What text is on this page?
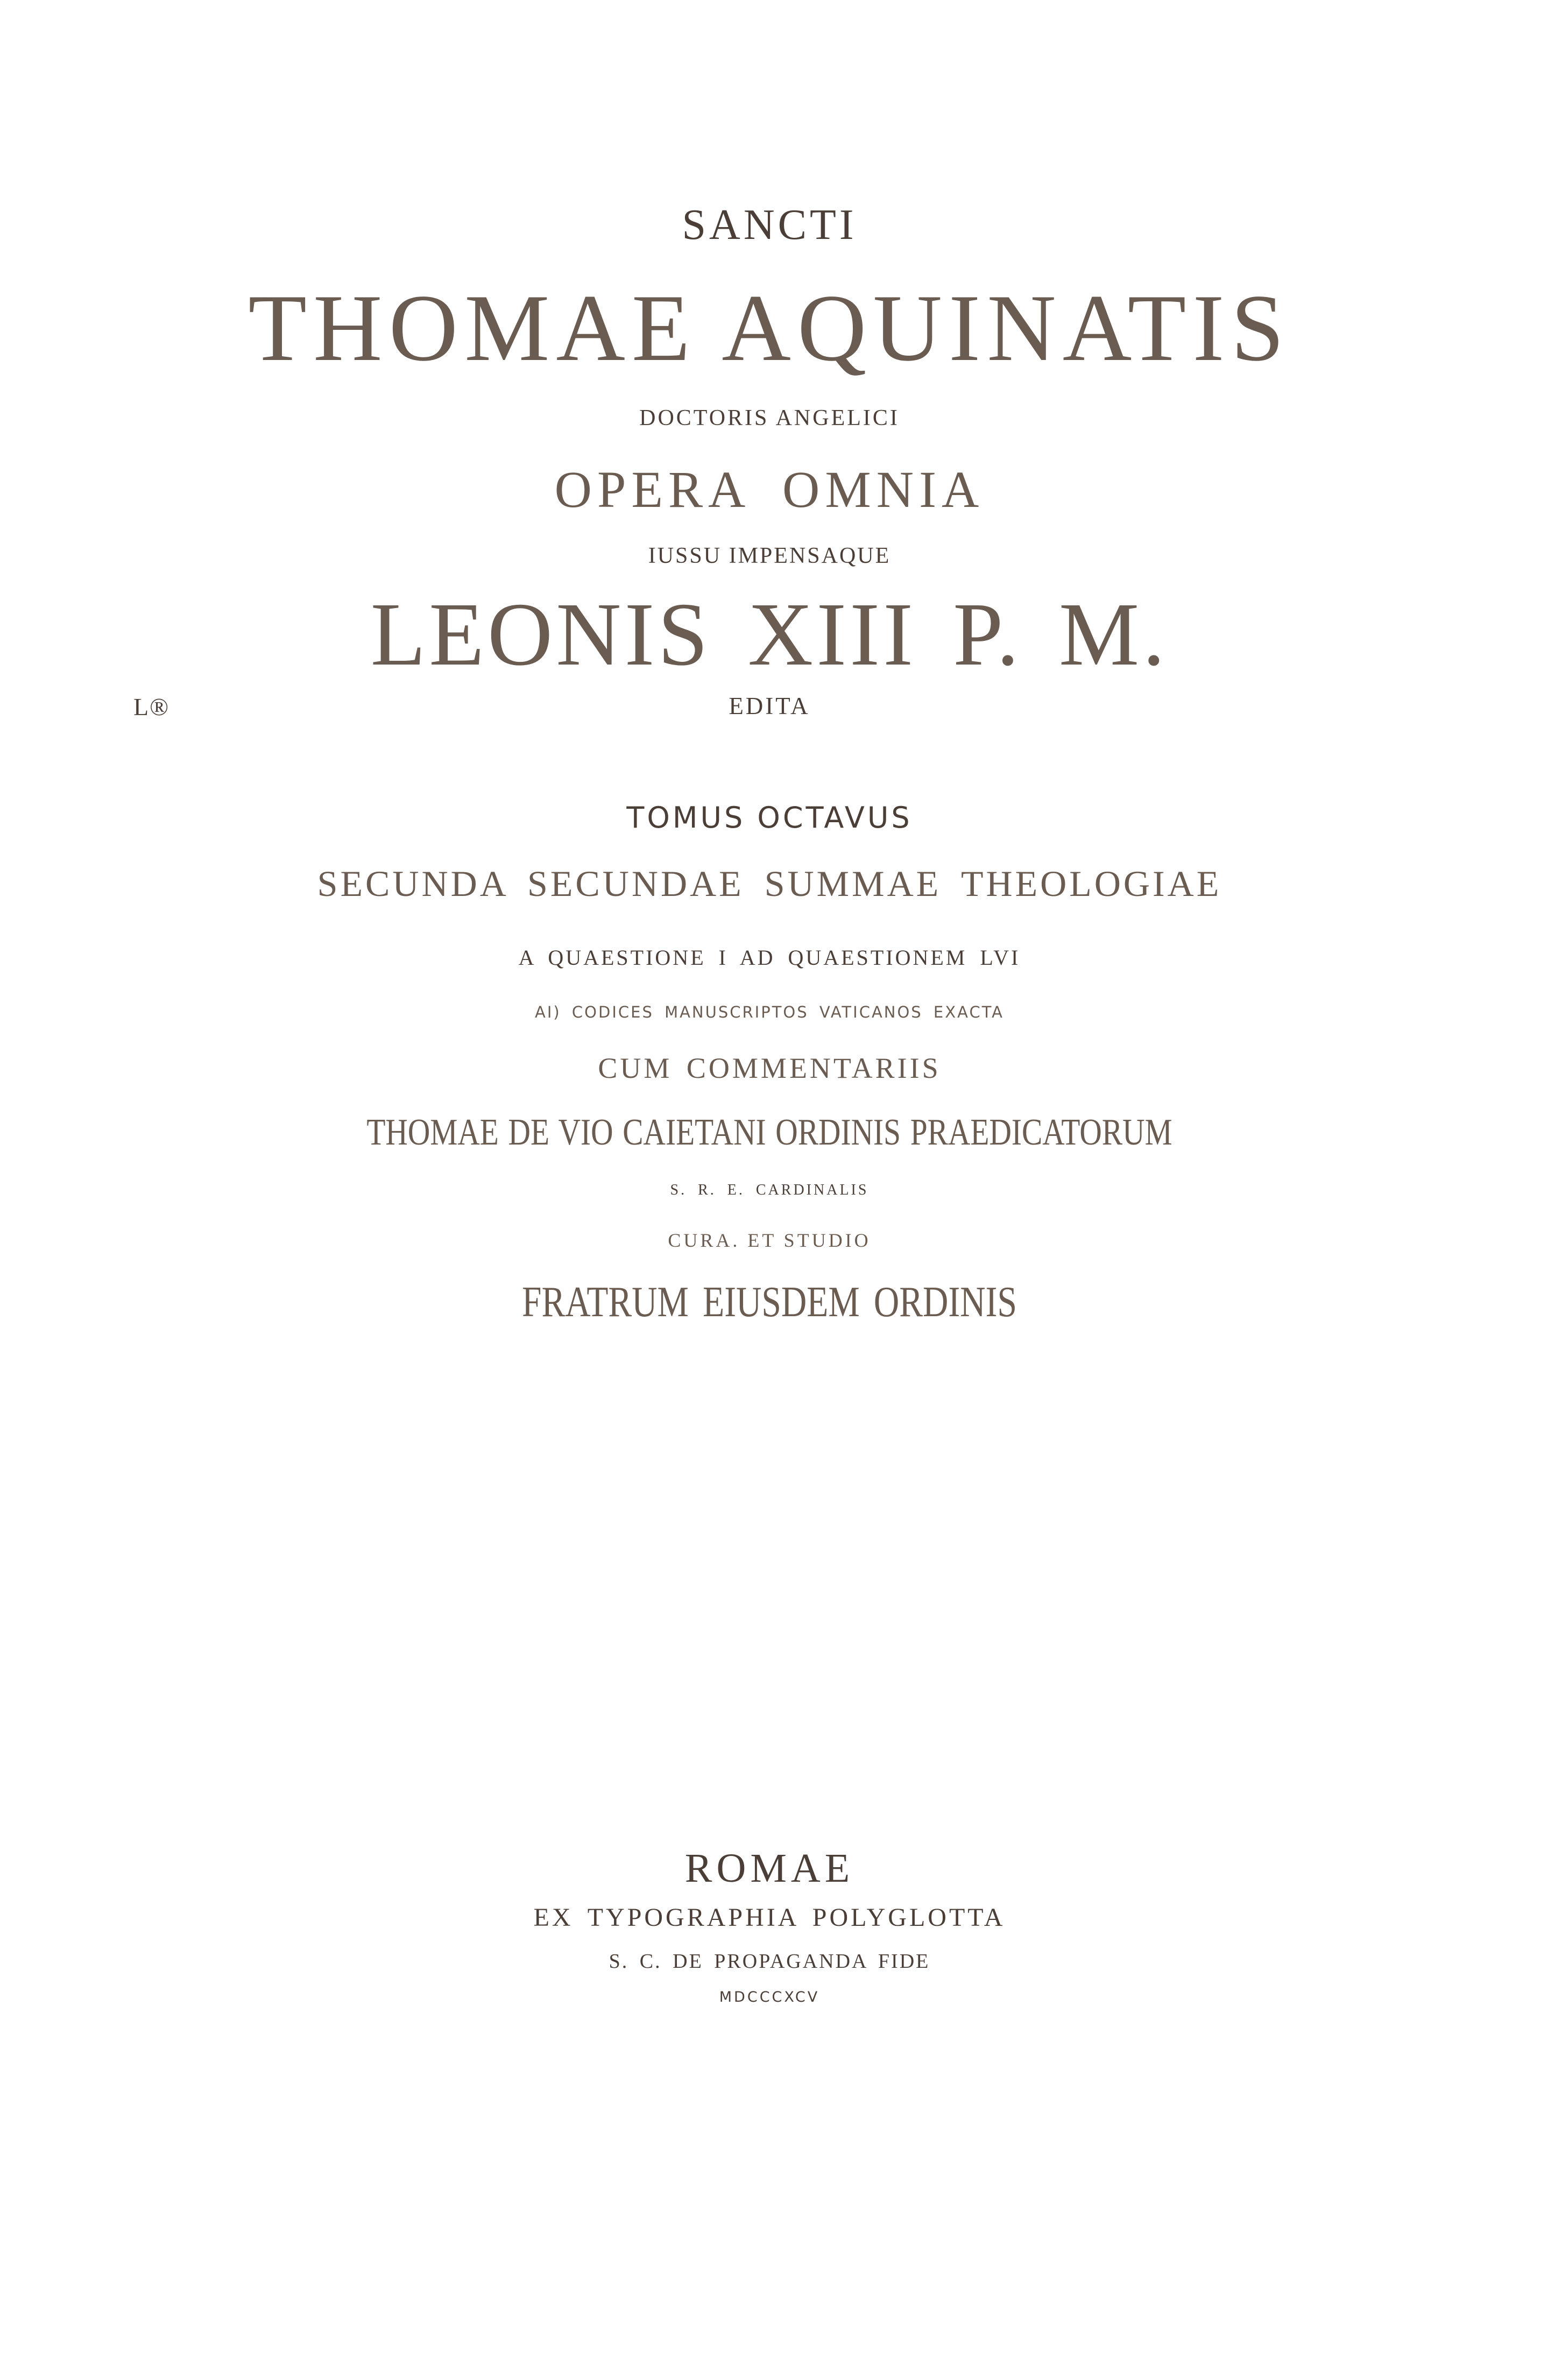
SANCTI

THOMAE AQUINATIS

DOCTORIS ANGELICI

OPERA OMNIA

IUSSU IMPENSAQUE

LEONIS XIII P. M.

EDITA

L®

TOMUS OCTAVUS

SECUNDA SECUNDAE SUMMAE THEOLOGIAE

A QUAESTIONE I AD QUAESTIONEM LVI

AI) CODICES MANUSCRIPTOS VATICANOS EXACTA

CUM COMMENTARIIS

THOMAE DE VIO CAIETANI ORDINIS PRAEDICATORUM

S. R. E. CARDINALIS

CURA. ET STUDIO

FRATRUM EIUSDEM ORDINIS

ROMAE

EX TYPOGRAPHIA POLYGLOTTA

S. C. DE PROPAGANDA FIDE

MDCCCXCV
